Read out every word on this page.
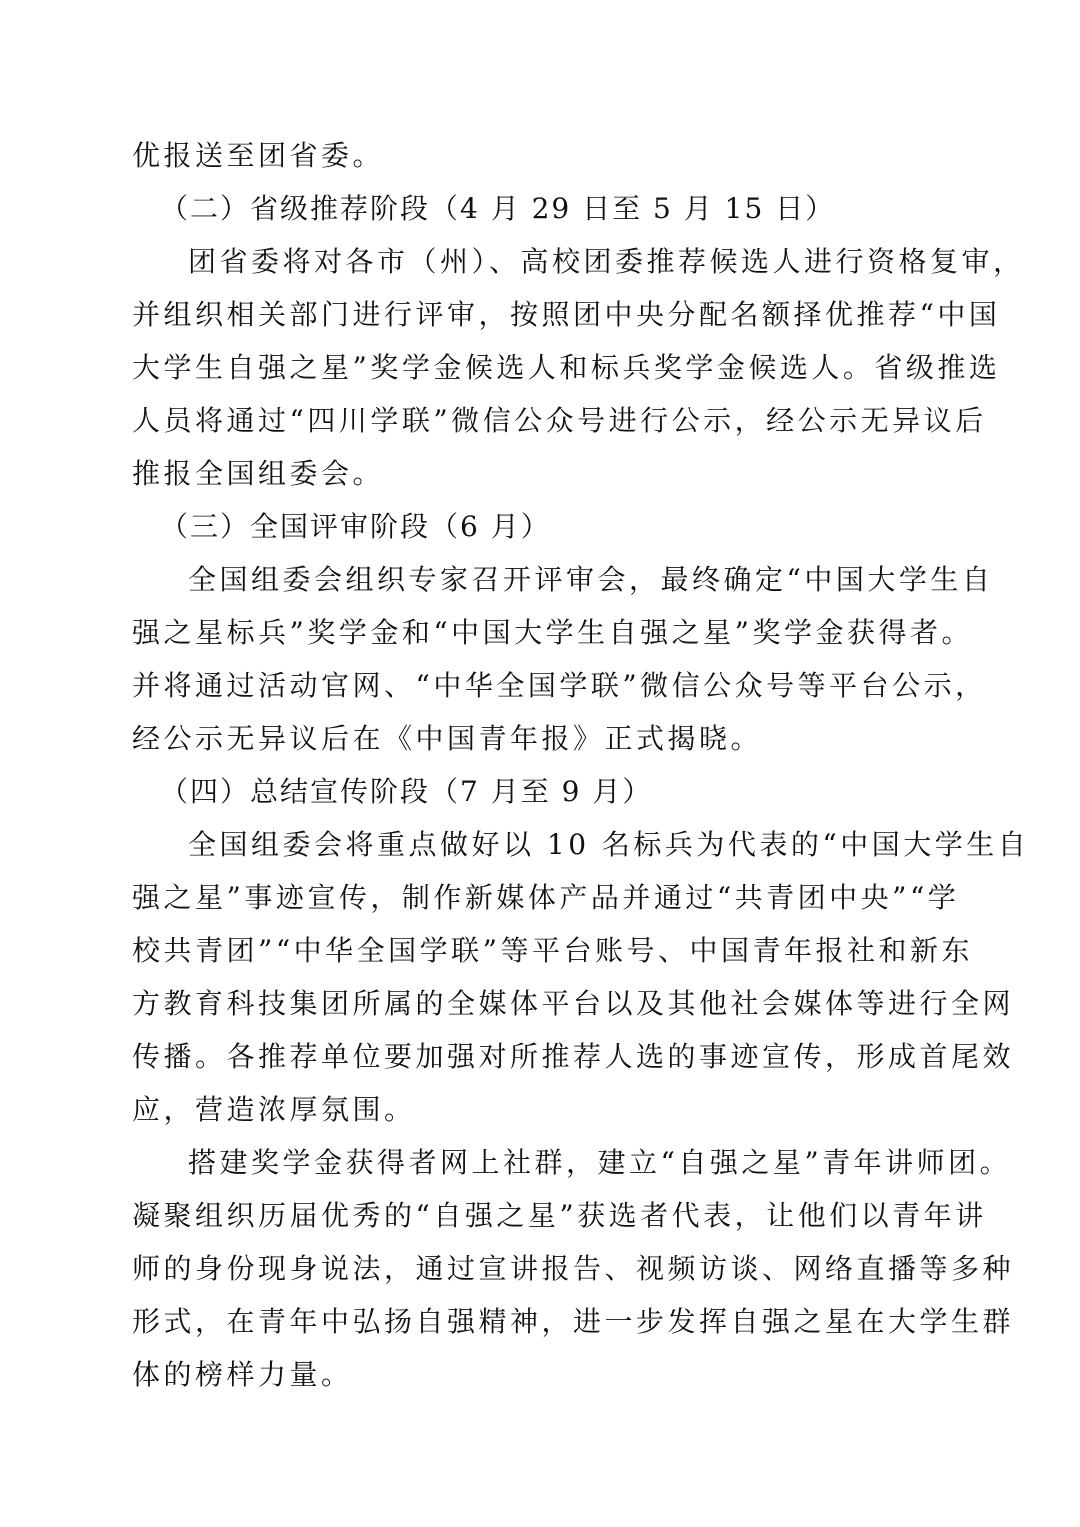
优报送至团省委。
（二）省级推荐阶段（4 月 29 日至 5 月 15 日）
团省委将对各市（州）、高校团委推荐候选人进行资格复审，
并组织相关部门进行评审，按照团中央分配名额择优推荐“中国
大学生自强之星”奖学金候选人和标兵奖学金候选人。省级推选
人员将通过“四川学联”微信公众号进行公示，经公示无异议后
推报全国组委会。
（三）全国评审阶段（6 月）
全国组委会组织专家召开评审会，最终确定“中国大学生自
强之星标兵”奖学金和“中国大学生自强之星”奖学金获得者。
并将通过活动官网、“中华全国学联”微信公众号等平台公示，
经公示无异议后在《中国青年报》正式揭晓。
（四）总结宣传阶段（7 月至 9 月）
全国组委会将重点做好以 10 名标兵为代表的“中国大学生自
强之星”事迹宣传，制作新媒体产品并通过“共青团中央”“学
校共青团”“中华全国学联”等平台账号、中国青年报社和新东
方教育科技集团所属的全媒体平台以及其他社会媒体等进行全网
传播。各推荐单位要加强对所推荐人选的事迹宣传，形成首尾效
应，营造浓厚氛围。
搭建奖学金获得者网上社群，建立“自强之星”青年讲师团。
凝聚组织历届优秀的“自强之星”获选者代表，让他们以青年讲
师的身份现身说法，通过宣讲报告、视频访谈、网络直播等多种
形式，在青年中弘扬自强精神，进一步发挥自强之星在大学生群
体的榜样力量。
